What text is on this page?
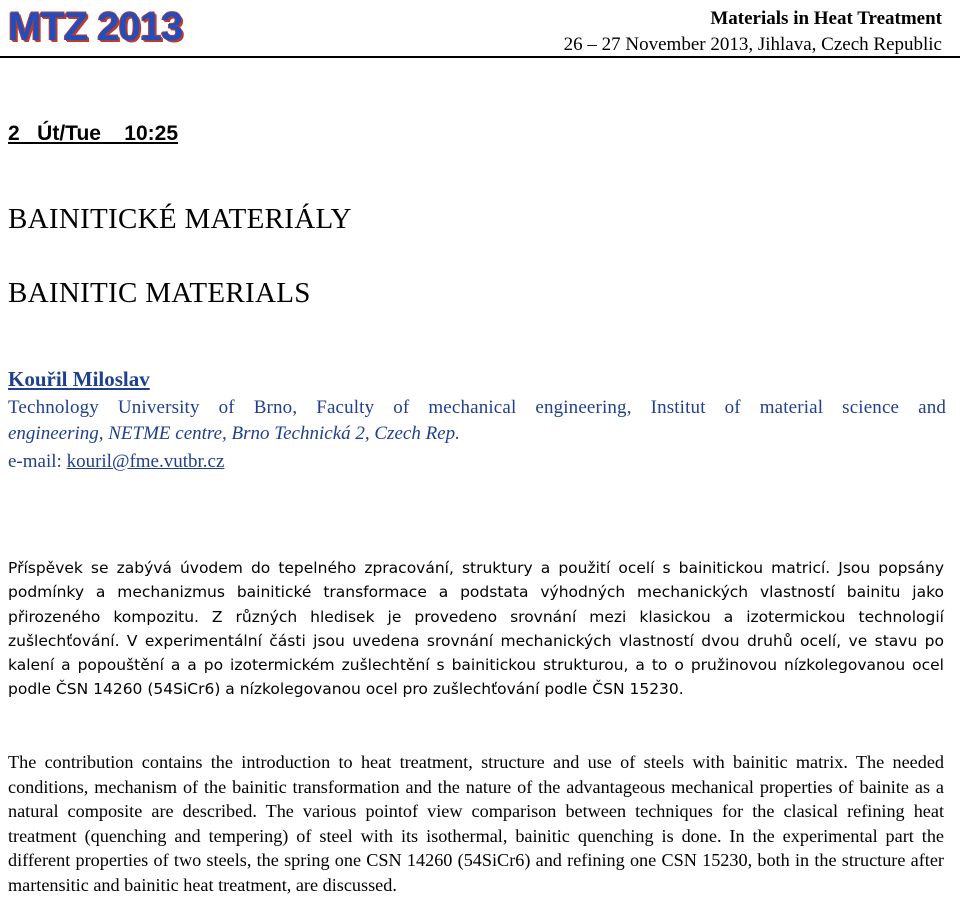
MTZ 2013	Materials in Heat Treatment
26 – 27 November 2013, Jihlava, Czech Republic
2   Út/Tue    10:25
BAINITICKÉ MATERIÁLY
BAINITIC MATERIALS
Kouřil Miloslav
Technology University of Brno, Faculty of mechanical engineering, Institut of material science and
engineering, NETME centre, Brno Technická 2, Czech Rep.
e-mail: kouril@fme.vutbr.cz
Příspěvek se zabývá úvodem do tepelného zpracování, struktury a použití ocelí s bainitickou matricí. Jsou popsány podmínky a mechanizmus bainitické transformace a podstata výhodných mechanických vlastností bainitu jako přirozeného kompozitu. Z různých hledisek je provedeno srovnání mezi klasickou a izotermickou technologií zušlechťování. V experimentální části jsou uvedena srovnání mechanických vlastností dvou druhů ocelí, ve stavu po kalení a popouštění a a po izotermickém zušlechtění s bainitickou strukturou, a to o pružinovou nízkolegovanou ocel podle ČSN 14260 (54SiCr6) a nízkolegovanou ocel pro zušlechťování podle ČSN 15230.
The contribution contains the introduction to heat treatment, structure and use of steels with bainitic matrix. The needed conditions, mechanism of the bainitic transformation and the nature of the advantageous mechanical properties of bainite as a natural composite are described. The various pointof view comparison between techniques for the clasical refining heat treatment (quenching and tempering) of steel with its isothermal, bainitic quenching is done. In the experimental part the different properties of two steels, the spring one CSN 14260 (54SiCr6) and refining one CSN 15230, both in the structure after martensitic and bainitic heat treatment, are discussed.
